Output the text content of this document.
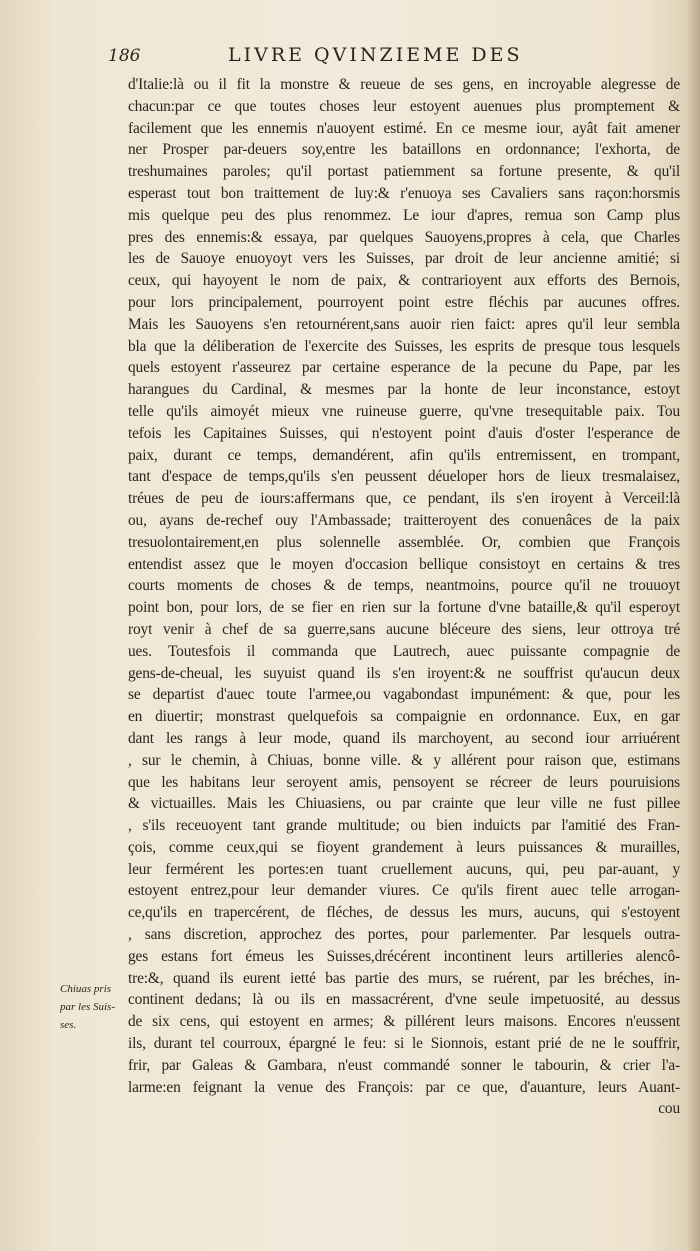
186	LIVRE QVINZIEME DES
d'Italie:là ou il fit la monstre & reueue de ses gens, en incroyable alegresse de
chacun:par ce que toutes choses leur estoyent auenues plus promptement &
facilement que les ennemis n'auoyent estimé. En ce mesme iour, ayât fait amener
ner Prosper par-deuers soy,entre les bataillons en ordonnance; l'exhorta, de
treshumaines paroles; qu'il portast patiemment sa fortune presente, & qu'il
esperast tout bon traittement de luy:& r'enuoya ses Cavaliers sans raçon:horsmis
mis quelque peu des plus renommez. Le iour d'apres, remua son Camp plus
pres des ennemis:& essaya, par quelques Sauoyens,propres à cela, que Charles
les de Sauoye enuoyoyt vers les Suisses, par droit de leur ancienne amitié; si
ceux, qui hayoyent le nom de paix, & contrarioyent aux efforts des Bernois,
pour lors principalement, pourroyent point estre fléchis par aucunes offres.
Mais les Sauoyens s'en retournérent,sans auoir rien faict: apres qu'il leur sembla
bla que la déliberation de l'exercite des Suisses, les esprits de presque tous lesquels
quels estoyent r'asseurez par certaine esperance de la pecune du Pape, par les
harangues du Cardinal, & mesmes par la honte de leur inconstance, estoyt
telle qu'ils aimoyét mieux vne ruineuse guerre, qu'vne tresequitable paix. Tou
tefois les Capitaines Suisses, qui n'estoyent point d'auis d'oster l'esperance de
paix, durant ce temps, demandérent, afin qu'ils entremissent, en trompant,
tant d'espace de temps,qu'ils s'en peussent déueloper hors de lieux tresmalaisez,
tréues de peu de iours:affermans que, ce pendant, ils s'en iroyent à Verceil:là
ou, ayans de-rechef ouy l'Ambassade; traitteroyent des conuenâces de la paix
tresuolontairement,en plus solennelle assemblée. Or, combien que François
entendist assez que le moyen d'occasion bellique consistoyt en certains & tres
courts moments de choses & de temps, neantmoins, pource qu'il ne trouuoyt
point bon, pour lors, de se fier en rien sur la fortune d'vne bataille,& qu'il esperoyt
royt venir à chef de sa guerre,sans aucune bléceure des siens, leur ottroya tré
ues. Toutesfois il commanda que Lautrech, auec puissante compagnie de
gens-de-cheual, les suyuist quand ils s'en iroyent:& ne souffrist qu'aucun deux
se departist d'auec toute l'armee,ou vagabondast impunément: & que, pour les
en diuertir; monstrast quelquefois sa compaignie en ordonnance. Eux, en gar
dant les rangs à leur mode, quand ils marchoyent, au second iour arriuérent
, sur le chemin, à Chiuas, bonne ville. & y allérent pour raison que, estimans
que les habitans leur seroyent amis, pensoyent se récreer de leurs pouruisions
& victuailles. Mais les Chiuasiens, ou par crainte que leur ville ne fust pillee
, s'ils receuoyent tant grande multitude; ou bien induicts par l'amitié des Fran-
çois, comme ceux,qui se fioyent grandement à leurs puissances & murailles,
leur fermérent les portes:en tuant cruellement aucuns, qui, peu par-auant, y
estoyent entrez,pour leur demander viures. Ce qu'ils firent auec telle arrogan-
ce,qu'ils en trapercérent, de fléches, de dessus les murs, aucuns, qui s'estoyent
, sans discretion, approchez des portes, pour parlementer. Par lesquels outra-
ges estans fort émeus les Suisses,drécérent incontinent leurs artilleries alencô-
tre:&, quand ils eurent ietté bas partie des murs, se ruérent, par les bréches, in-
continent dedans; là ou ils en massacrérent, d'vne seule impetuosité, au dessus
de six cens, qui estoyent en armes; & pillérent leurs maisons. Encores n'eussent
ils, durant tel courroux, épargné le feu: si le Sionnois, estant prié de ne le souffrir,
frir, par Galeas & Gambara, n'eust commandé sonner le tabourin, & crier l'a-
larme:en feignant la venue des François: par ce que, d'auanture, leurs Auant-
cou
Chiuas pris
par les Suis-
ses.
